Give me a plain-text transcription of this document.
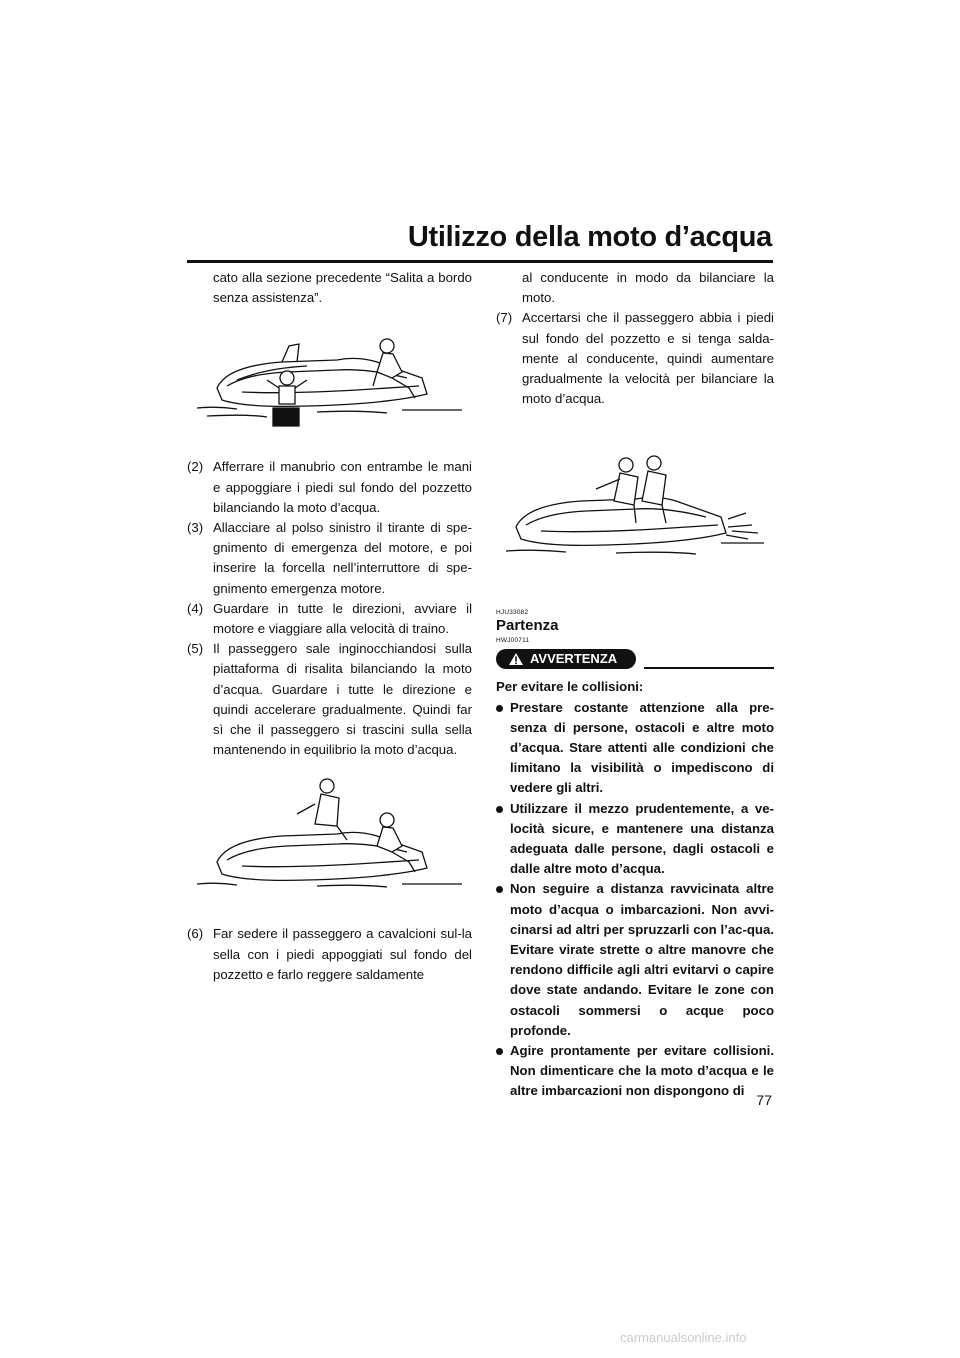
Utilizzo della moto d’acqua

cato alla sezione precedente “Salita a bordo senza assistenza”.

(2) Afferrare il manubrio con entrambe le mani e appoggiare i piedi sul fondo del pozzetto bilanciando la moto d’acqua.
(3) Allacciare al polso sinistro il tirante di spe-gnimento di emergenza del motore, e poi inserire la forcella nell’interruttore di spe-gnimento emergenza motore.
(4) Guardare in tutte le direzioni, avviare il motore e viaggiare alla velocità di traino.
(5) Il passeggero sale inginocchiandosi sulla piattaforma di risalita bilanciando la moto d’acqua. Guardare i tutte le direzione e quindi accelerare gradualmente. Quindi far sì che il passeggero si trascini sulla sella mantenendo in equilibrio la moto d’acqua.
(6) Far sedere il passeggero a cavalcioni sul-la sella con i piedi appoggiati sul fondo del pozzetto e farlo reggere saldamente

al conducente in modo da bilanciare la moto.

(7) Accertarsi che il passeggero abbia i piedi sul fondo del pozzetto e si tenga salda-mente al conducente, quindi aumentare gradualmente la velocità per bilanciare la moto d’acqua.

HJU33082

Partenza

HWJ00711

AVVERTENZA

Per evitare le collisioni:

Prestare costante attenzione alla pre-senza di persone, ostacoli e altre moto d’acqua. Stare attenti alle condizioni che limitano la visibilità o impediscono di vedere gli altri.
Utilizzare il mezzo prudentemente, a ve-locità sicure, e mantenere una distanza adeguata dalle persone, dagli ostacoli e dalle altre moto d’acqua.
Non seguire a distanza ravvicinata altre moto d’acqua o imbarcazioni. Non avvi-cinarsi ad altri per spruzzarli con l’ac-qua. Evitare virate strette o altre manovre che rendono difficile agli altri evitarvi o capire dove state andando. Evitare le zone con ostacoli sommersi o acque poco profonde.
Agire prontamente per evitare collisioni. Non dimenticare che la moto d’acqua e le altre imbarcazioni non dispongono di
77
carmanualsonline.info
